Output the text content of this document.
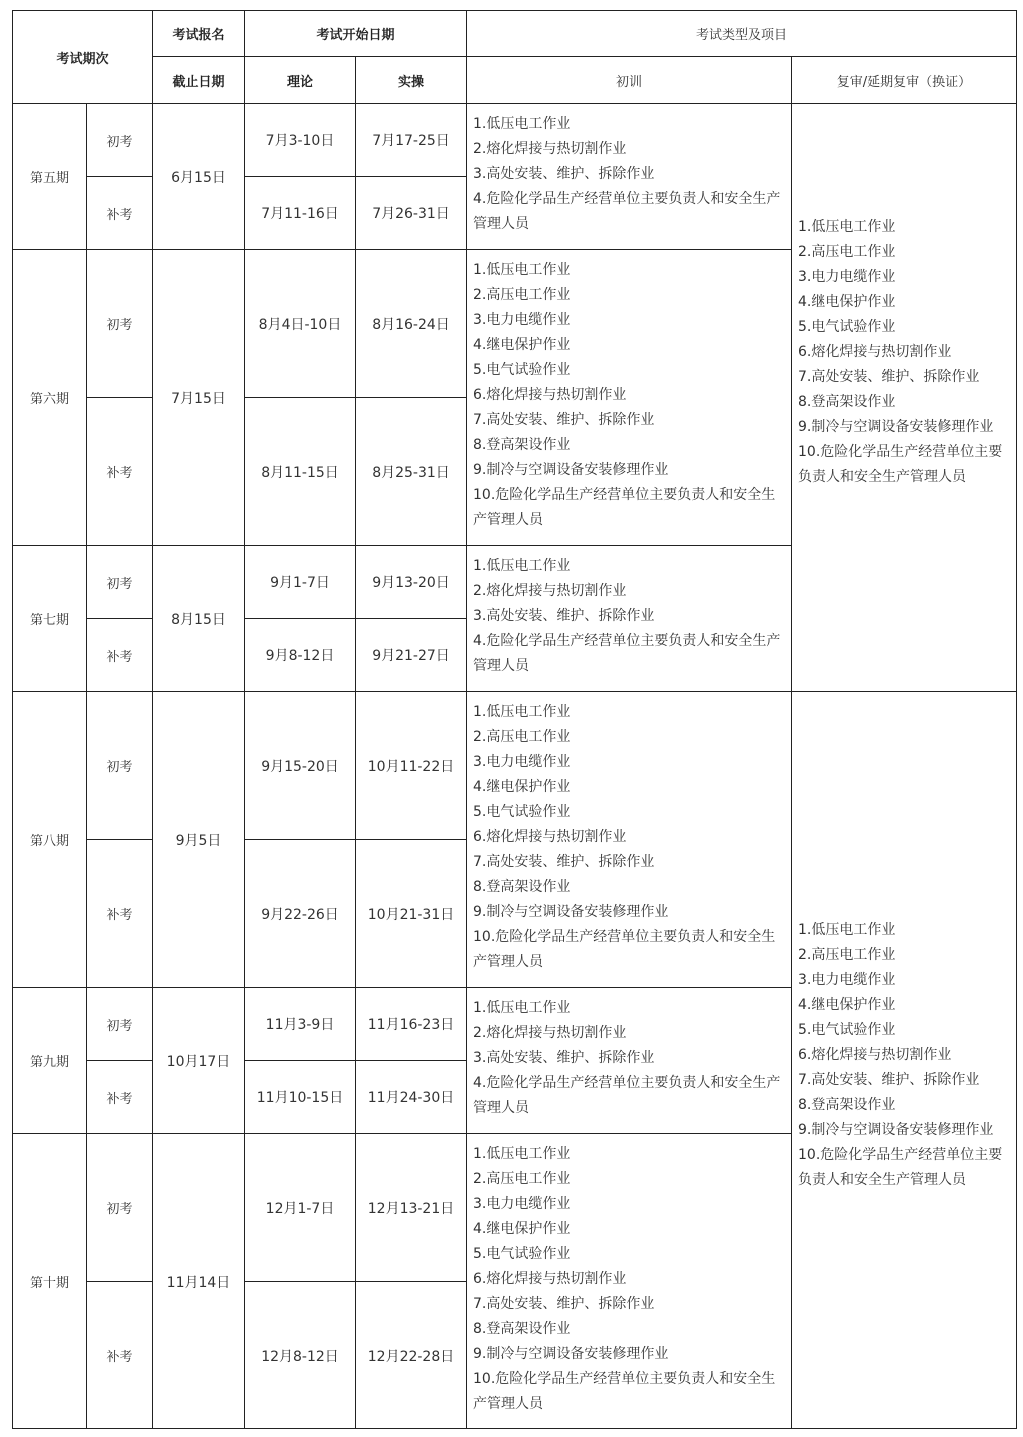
考试期次
考试报名
截止日期
考试开始日期
理论	实操
考试类型及项目
初训	复审/延期复审（换证）
第五期
初考
补考
6月15日
7月3-10日
7月11-16日
7月17-25日
7月26-31日
1.低压电工作业
2.熔化焊接与热切割作业
3.高处安装、维护、拆除作业
4.危险化学品生产经营单位主要负责人和安全生产管理人员
第六期
初考
补考
7月15日
8月4日-10日
8月11-15日
8月16-24日
8月25-31日
1.低压电工作业
2.高压电工作业
3.电力电缆作业
4.继电保护作业
5.电气试验作业
6.熔化焊接与热切割作业
7.高处安装、维护、拆除作业
8.登高架设作业
9.制冷与空调设备安装修理作业
10.危险化学品生产经营单位主要负责人和安全生产管理人员
第七期
初考
补考
8月15日
9月1-7日
9月8-12日
9月13-20日
9月21-27日
1.低压电工作业
2.熔化焊接与热切割作业
3.高处安装、维护、拆除作业
4.危险化学品生产经营单位主要负责人和安全生产管理人员
第八期
初考
补考
9月5日
9月15-20日
9月22-26日
10月11-22日
10月21-31日
1.低压电工作业
2.高压电工作业
3.电力电缆作业
4.继电保护作业
5.电气试验作业
6.熔化焊接与热切割作业
7.高处安装、维护、拆除作业
8.登高架设作业
9.制冷与空调设备安装修理作业
10.危险化学品生产经营单位主要负责人和安全生产管理人员
第九期
初考
补考
10月17日
11月3-9日
11月10-15日
11月16-23日
11月24-30日
1.低压电工作业
2.熔化焊接与热切割作业
3.高处安装、维护、拆除作业
4.危险化学品生产经营单位主要负责人和安全生产管理人员
第十期
初考
补考
11月14日
12月1-7日
12月8-12日
12月13-21日
12月22-28日
1.低压电工作业
2.高压电工作业
3.电力电缆作业
4.继电保护作业
5.电气试验作业
6.熔化焊接与热切割作业
7.高处安装、维护、拆除作业
8.登高架设作业
9.制冷与空调设备安装修理作业
10.危险化学品生产经营单位主要负责人和安全生产管理人员
1.低压电工作业
2.高压电工作业
3.电力电缆作业
4.继电保护作业
5.电气试验作业
6.熔化焊接与热切割作业
7.高处安装、维护、拆除作业
8.登高架设作业
9.制冷与空调设备安装修理作业
10.危险化学品生产经营单位主要负责人和安全生产管理人员
1.低压电工作业
2.高压电工作业
3.电力电缆作业
4.继电保护作业
5.电气试验作业
6.熔化焊接与热切割作业
7.高处安装、维护、拆除作业
8.登高架设作业
9.制冷与空调设备安装修理作业
10.危险化学品生产经营单位主要负责人和安全生产管理人员
